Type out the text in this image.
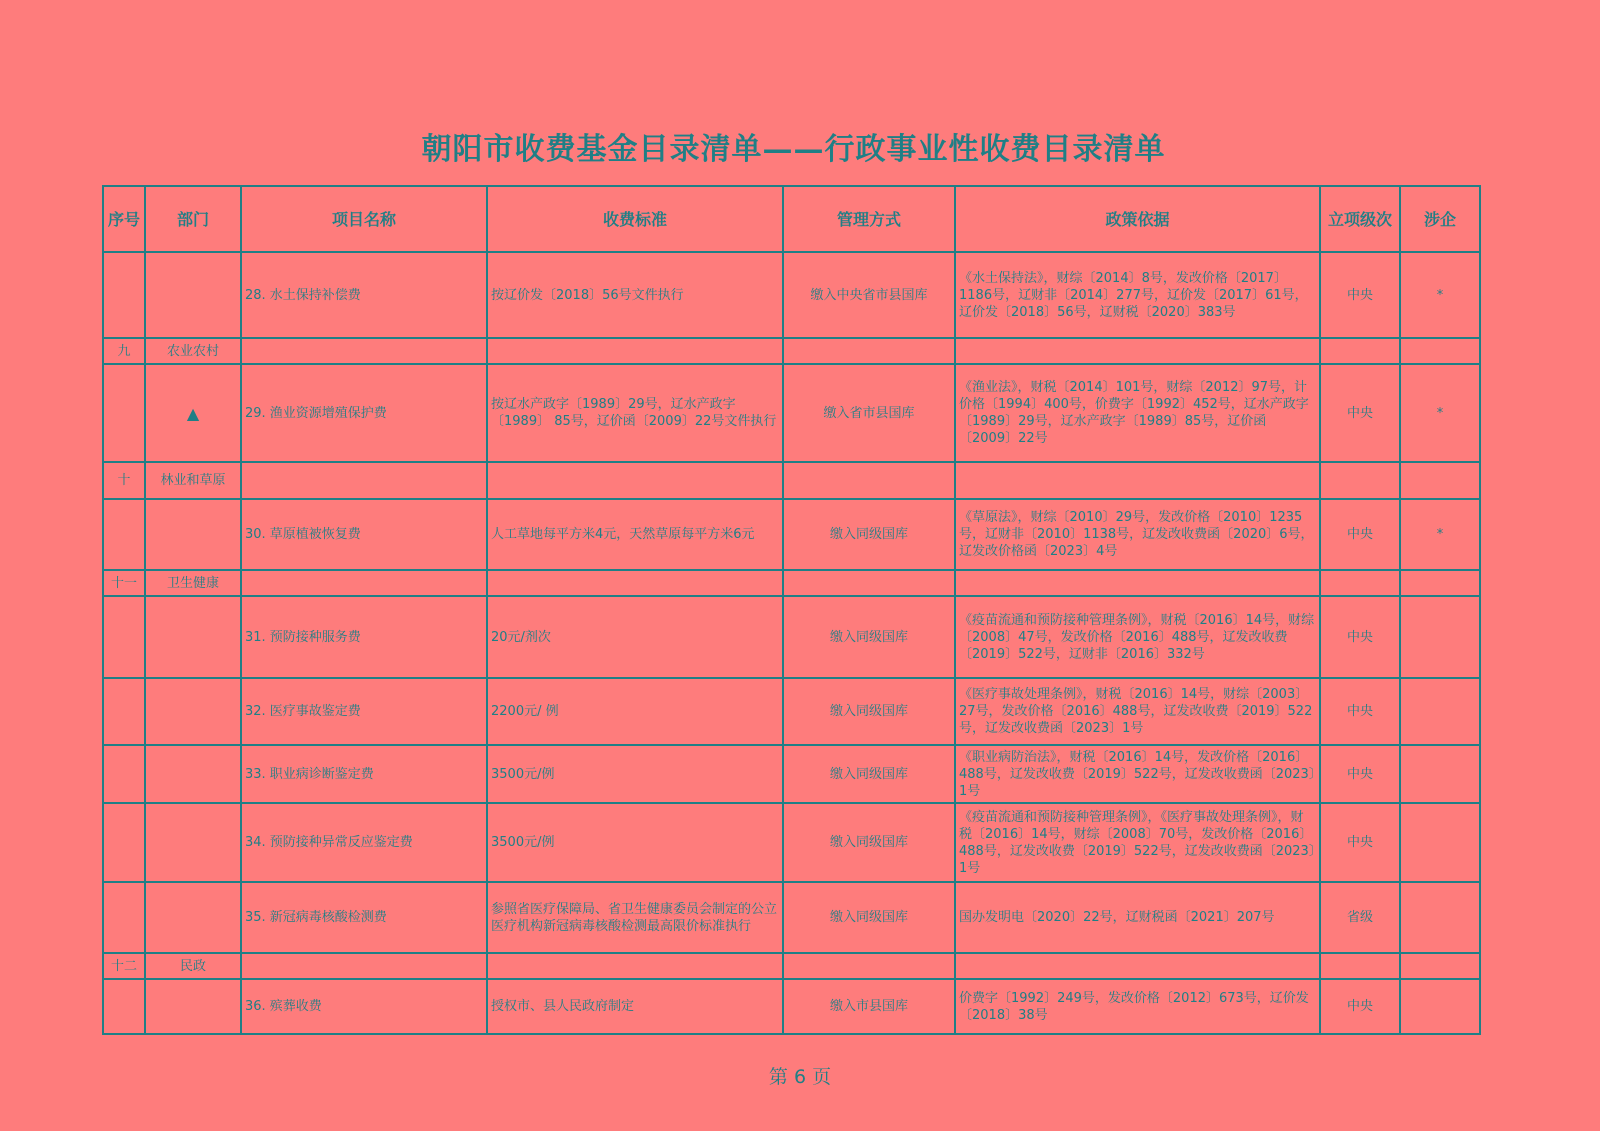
朝阳市收费基金目录清单——行政事业性收费目录清单
序号	部门	项目名称	收费标准	管理方式	政策依据	立项级次	涉企
		28. 水土保持补偿费	按辽价发〔2018〕56号文件执行	缴入中央省市县国库	《水土保持法》，财综〔2014〕8号，发改价格〔2017〕1186号，辽财非〔2014〕277号，辽价发〔2017〕61号，辽价发〔2018〕56号，辽财税〔2020〕383号	中央	*
九	农业农村						
	▲	29. 渔业资源增殖保护费	按辽水产政字〔1989〕29号，辽水产政字〔1989〕 85号，辽价函〔2009〕22号文件执行	缴入省市县国库	《渔业法》，财税〔2014〕101号，财综〔2012〕97号，计价格〔1994〕400号，价费字〔1992〕452号，辽水产政字〔1989〕29号，辽水产政字〔1989〕85号，辽价函〔2009〕22号	中央	*
十	林业和草原						
		30. 草原植被恢复费	人工草地每平方米4元，天然草原每平方米6元	缴入同级国库	《草原法》，财综〔2010〕29号，发改价格〔2010〕1235号，辽财非〔2010〕1138号，辽发改收费函〔2020〕6号，辽发改价格函〔2023〕4号	中央	*
十一	卫生健康						
		31. 预防接种服务费	20元/剂次	缴入同级国库	《疫苗流通和预防接种管理条例》，财税〔2016〕14号，财综〔2008〕47号，发改价格〔2016〕488号，辽发改收费〔2019〕522号，辽财非〔2016〕332号	中央	
		32. 医疗事故鉴定费	2200元/ 例	缴入同级国库	《医疗事故处理条例》，财税〔2016〕14号，财综〔2003〕27号，发改价格〔2016〕488号，辽发改收费〔2019〕522号，辽发改收费函〔2023〕1号	中央	
		33. 职业病诊断鉴定费	3500元/例	缴入同级国库	《职业病防治法》，财税〔2016〕14号，发改价格〔2016〕488号，辽发改收费〔2019〕522号，辽发改收费函〔2023〕1号	中央	
		34. 预防接种异常反应鉴定费	3500元/例	缴入同级国库	《疫苗流通和预防接种管理条例》，《医疗事故处理条例》，财税〔2016〕14号，财综〔2008〕70号，发改价格〔2016〕488号，辽发改收费〔2019〕522号，辽发改收费函〔2023〕1号	中央	
		35. 新冠病毒核酸检测费	参照省医疗保障局、省卫生健康委员会制定的公立医疗机构新冠病毒核酸检测最高限价标准执行	缴入同级国库	国办发明电〔2020〕22号，辽财税函〔2021〕207号	省级	
十二	民政						
		36. 殡葬收费	授权市、县人民政府制定	缴入市县国库	价费字〔1992〕249号，发改价格〔2012〕673号，辽价发〔2018〕38号	中央	
第 6 页
